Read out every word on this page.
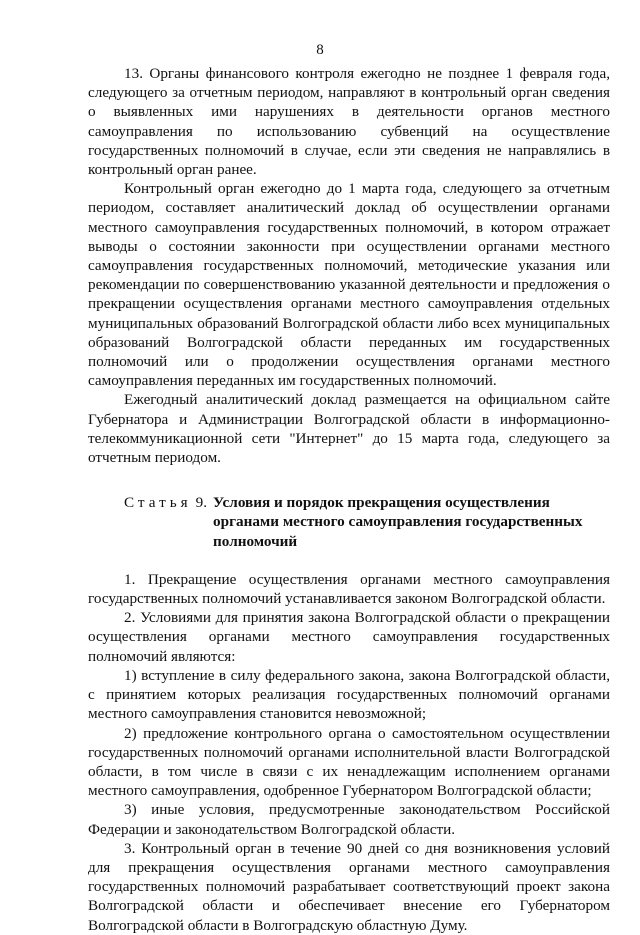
8

13. Органы финансового контроля ежегодно не позднее 1 февраля года, следующего за отчетным периодом, направляют в контрольный орган сведения о выявленных ими нарушениях в деятельности органов местного самоуправления по использованию субвенций на осуществление государственных полномочий в случае, если эти сведения не направлялись в контрольный орган ранее.

Контрольный орган ежегодно до 1 марта года, следующего за отчетным периодом, составляет аналитический доклад об осуществлении органами местного самоуправления государственных полномочий, в котором отражает выводы о состоянии законности при осуществлении органами местного самоуправления государственных полномочий, методические указания или рекомендации по совершенствованию указанной деятельности и предложения о прекращении осуществления органами местного самоуправления отдельных муниципальных образований Волгоградской области либо всех муниципальных образований Волгоградской области переданных им государственных полномочий или о продолжении осуществления органами местного самоуправления переданных им государственных полномочий.

Ежегодный аналитический доклад размещается на официальном сайте Губернатора и Администрации Волгоградской области в информационно-телекоммуникационной сети "Интернет" до 15 марта года, следующего за отчетным периодом.

Статья 9. Условия и порядок прекращения осуществления органами местного самоуправления государственных полномочий

1. Прекращение осуществления органами местного самоуправления государственных полномочий устанавливается законом Волгоградской области.

2. Условиями для принятия закона Волгоградской области о прекращении осуществления органами местного самоуправления государственных полномочий являются:

1) вступление в силу федерального закона, закона Волгоградской области, с принятием которых реализация государственных полномочий органами местного самоуправления становится невозможной;

2) предложение контрольного органа о самостоятельном осуществлении государственных полномочий органами исполнительной власти Волгоградской области, в том числе в связи с их ненадлежащим исполнением органами местного самоуправления, одобренное Губернатором Волгоградской области;

3) иные условия, предусмотренные законодательством Российской Федерации и законодательством Волгоградской области.

3. Контрольный орган в течение 90 дней со дня возникновения условий для прекращения осуществления органами местного самоуправления государственных полномочий разрабатывает соответствующий проект закона Волгоградской области и обеспечивает внесение его Губернатором Волгоградской области в Волгоградскую областную Думу.
